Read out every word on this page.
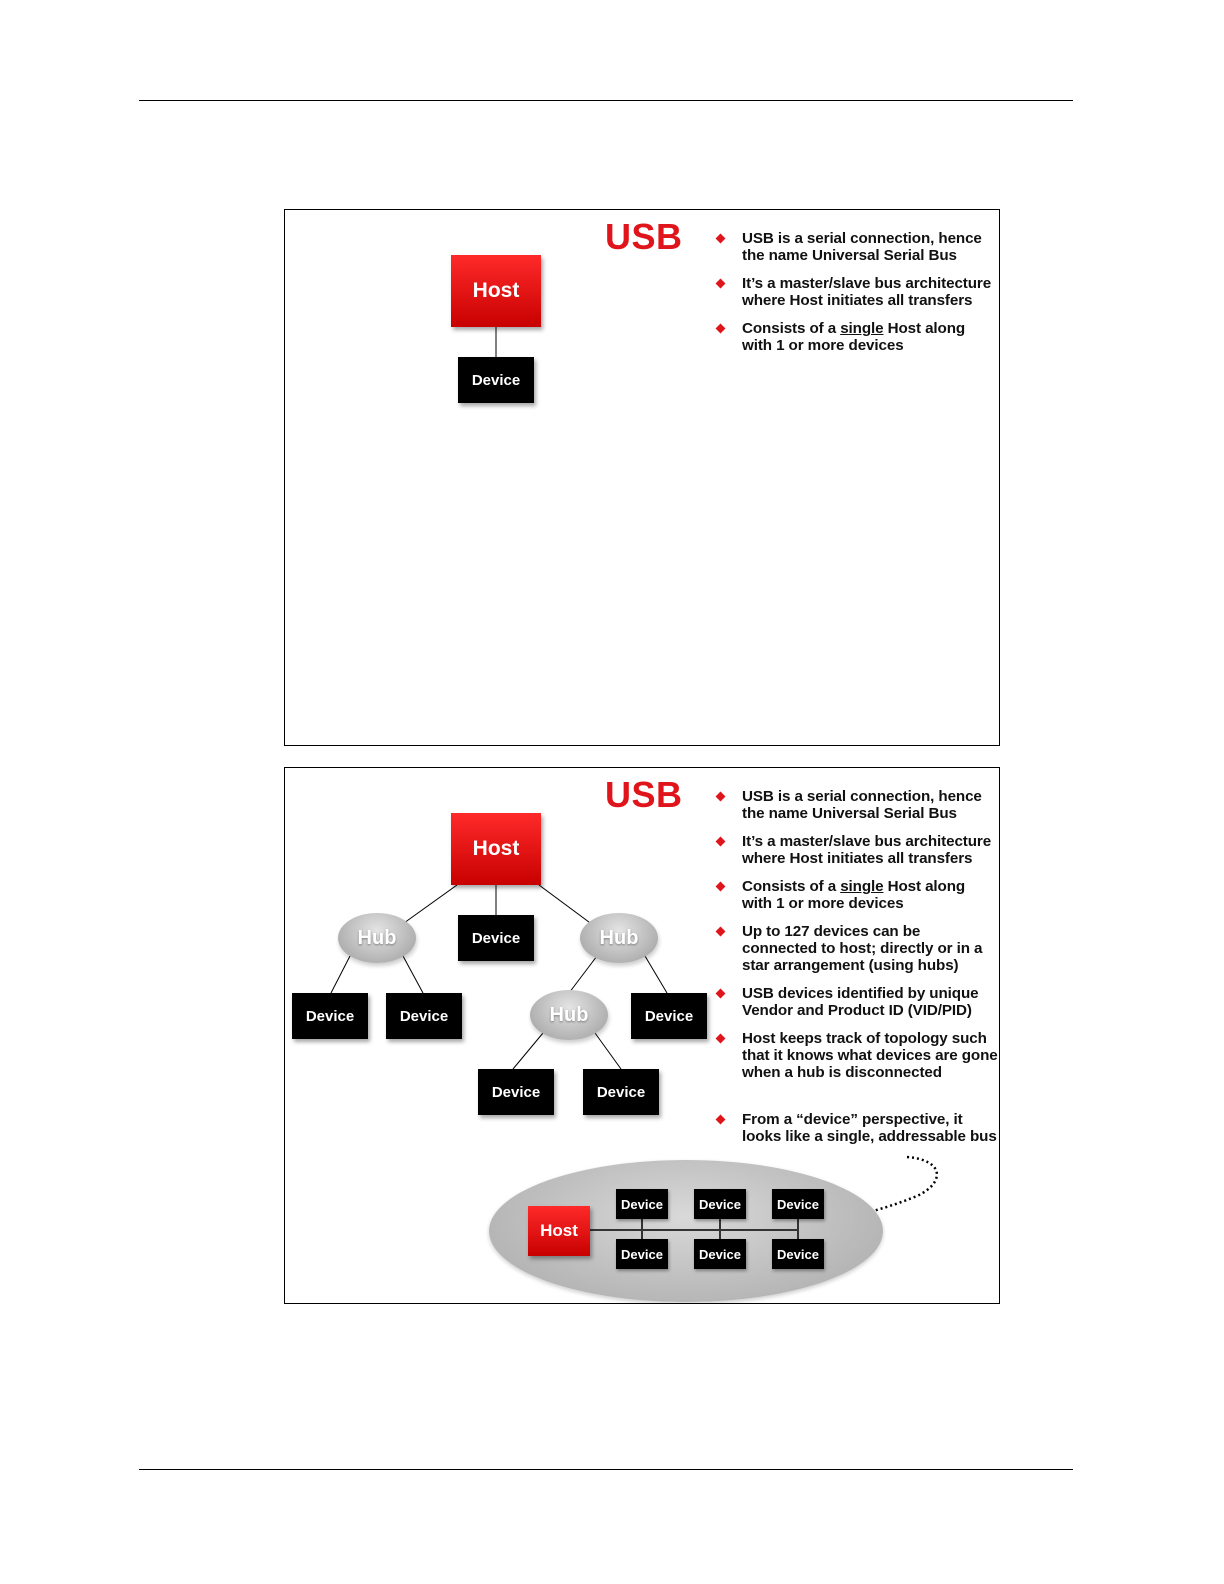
USB
Host
Device
USB is a serial connection, hence the name Universal Serial Bus
It’s a master/slave bus architecture where Host initiates all transfers
Consists of a single Host along with 1 or more devices
USB
Host
Device
Hub	Hub
Hub
Device	Device	Device
Device	Device
USB is a serial connection, hence the name Universal Serial Bus
It’s a master/slave bus architecture where Host initiates all transfers
Consists of a single Host along with 1 or more devices
Up to 127 devices can be connected to host; directly or in a star arrangement (using hubs)
USB devices identified by unique Vendor and Product ID (VID/PID)
Host keeps track of topology such that it knows what devices are gone when a hub is disconnected
From a “device” perspective, it looks like a single, addressable bus
Host
Device	Device	Device
Device	Device	Device
